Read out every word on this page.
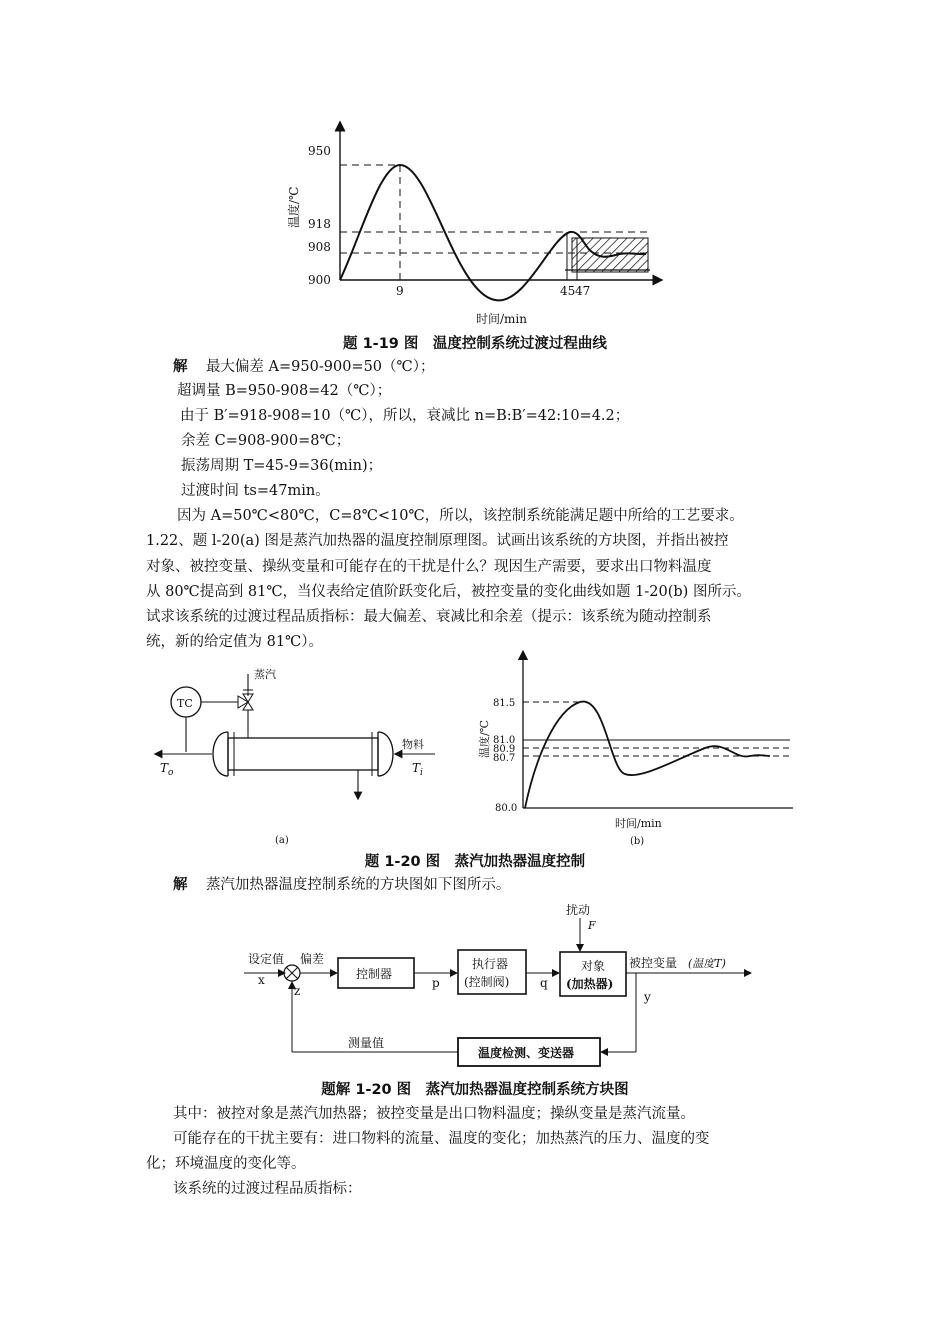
950
918
908
900
9	45 47
时间/min
温度/℃
题 1-19 图　温度控制系统过渡过程曲线
解 最大偏差 A=950-900=50（℃）；
超调量 B=950-908=42（℃）；
由于 B′=918-908=10（℃），所以，衰减比 n=B:B′=42:10=4.2；
余差 C=908-900=8℃；
振荡周期 T=45-9=36(min)；
过渡时间 ts=47min。
因为 A=50℃<80℃，C=8℃<10℃，所以，该控制系统能满足题中所给的工艺要求。
1.22、题 l-20(a) 图是蒸汽加热器的温度控制原理图。试画出该系统的方块图，并指出被控
对象、被控变量、操纵变量和可能存在的干扰是什么？现因生产需要，要求出口物料温度
从 80℃提高到 81℃，当仪表给定值阶跃变化后，被控变量的变化曲线如题 1-20(b) 图所示。
试求该系统的过渡过程品质指标：最大偏差、衰减比和余差（提示：该系统为随动控制系
统，新的给定值为 81℃）。
TC
蒸汽
物料
$T_o$	$T_i$
(a)
81.5
81.0
80.9
80.7
80.0
时间/min
温度/℃
(b)
题 1-20 图　蒸汽加热器温度控制
解 蒸汽加热器温度控制系统的方块图如下图所示。
扰动
F
设定值 偏差
x
z
控制器
p
执行器
(控制阀)	q
对象
(加热器)
被控变量 (温度T)
y
温度检测、变送器
测量值
题解 1-20 图　蒸汽加热器温度控制系统方块图
其中：被控对象是蒸汽加热器；被控变量是出口物料温度；操纵变量是蒸汽流量。
可能存在的干扰主要有：进口物料的流量、温度的变化；加热蒸汽的压力、温度的变
化；环境温度的变化等。
该系统的过渡过程品质指标：
